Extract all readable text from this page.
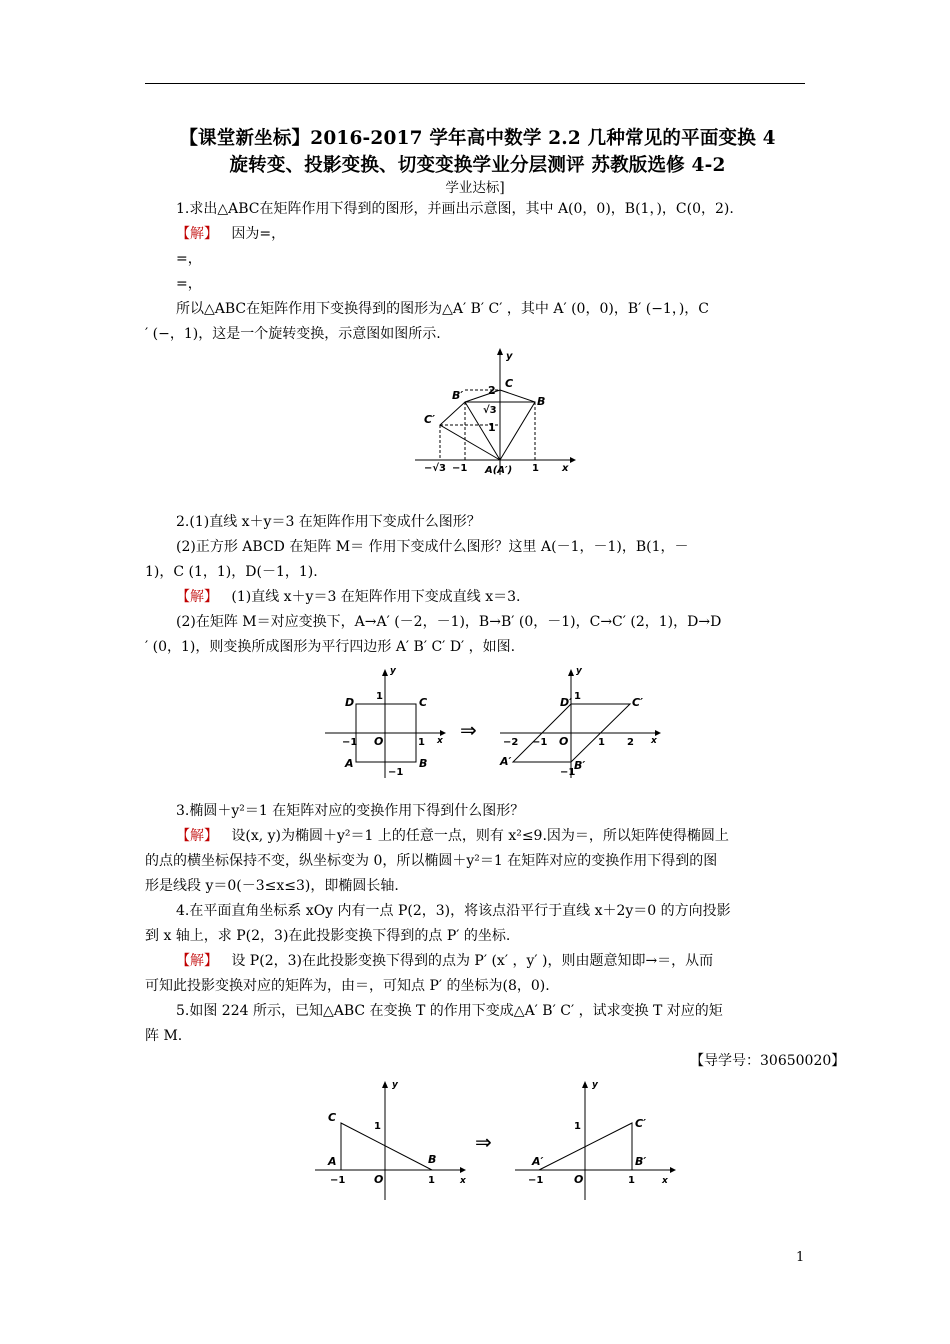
【课堂新坐标】2016-2017 学年高中数学 2.2 几种常见的平面变换 4
旋转变、投影变换、切变变换学业分层测评 苏教版选修 4-2
学业达标]
1.求出△ABC在矩阵作用下得到的图形，并画出示意图，其中 A(0，0)，B(1，)，C(0，2).
【解】 因为=，
=，
=，
所以△ABC在矩阵作用下变换得到的图形为△A′ B′ C′ ，其中 A′ (0，0)，B′ (−1，)，C
′ (−，1)，这是一个旋转变换，示意图如图所示.
y
x
B′
C
B
C′
2
√3
1
−√3 −1 A(A′) 1
2.(1)直线 x＋y＝3 在矩阵作用下变成什么图形？
(2)正方形 ABCD 在矩阵 M＝ 作用下变成什么图形？这里 A(－1，－1)，B(1，－
1)，C (1，1)，D(－1，1).
【解】 (1)直线 x＋y＝3 在矩阵作用下变成直线 x＝3.
(2)在矩阵 M＝对应变换下，A→A′ (－2，－1)，B→B′ (0，－1)，C→C′ (2，1)，D→D
′ (0，1)，则变换所成图形为平行四边形 A′ B′ C′ D′ ，如图.
D	C
A	B
O
1
−1	1
−1
x
y
⇒
D′	C′
A′	B′
O
1
−2 −1	1 2
−1
x
y
3.椭圆＋y²＝1 在矩阵对应的变换作用下得到什么图形？
【解】 设(x, y)为椭圆＋y²＝1 上的任意一点，则有 x²≤9.因为＝，所以矩阵使得椭圆上
的点的横坐标保持不变，纵坐标变为 0，所以椭圆＋y²＝1 在矩阵对应的变换作用下得到的图
形是线段 y＝0(－3≤x≤3)，即椭圆长轴.
4.在平面直角坐标系 xOy 内有一点 P(2，3)，将该点沿平行于直线 x＋2y＝0 的方向投影
到 x 轴上，求 P(2，3)在此投影变换下得到的点 P′ 的坐标.
【解】 设 P(2，3)在此投影变换下得到的点为 P′ (x′ ，y′ )，则由题意知即→＝，从而
可知此投影变换对应的矩阵为，由＝，可知点 P′ 的坐标为(8，0).
5.如图 224 所示，已知△ABC 在变换 T 的作用下变成△A′ B′ C′ ，试求变换 T 对应的矩
阵 M.
【导学号：30650020】
C
A	B
O
1
−1	1	x
y
⇒
C′
A′	B′
O
1
−1	1	x
y
1
